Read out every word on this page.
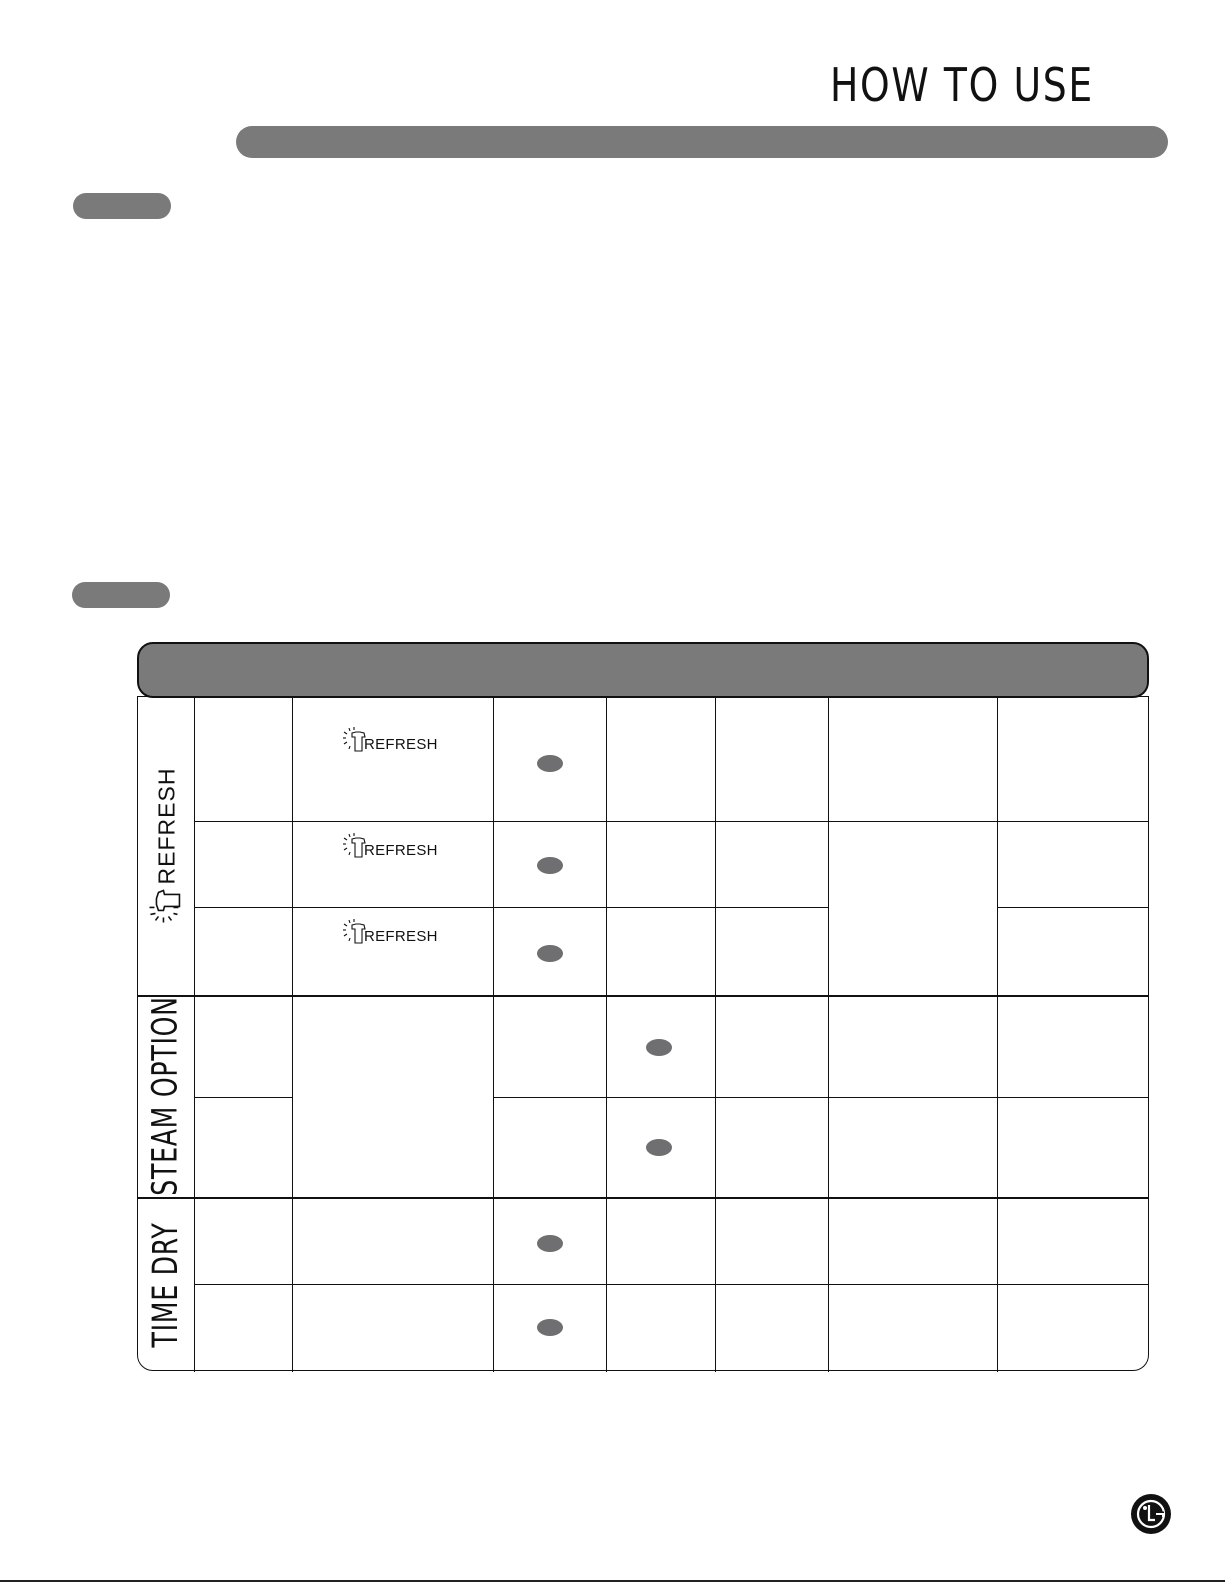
HOW TO USE
REFRESH
STEAM OPTION
TIME DRY
REFRESH
REFRESH
REFRESH
